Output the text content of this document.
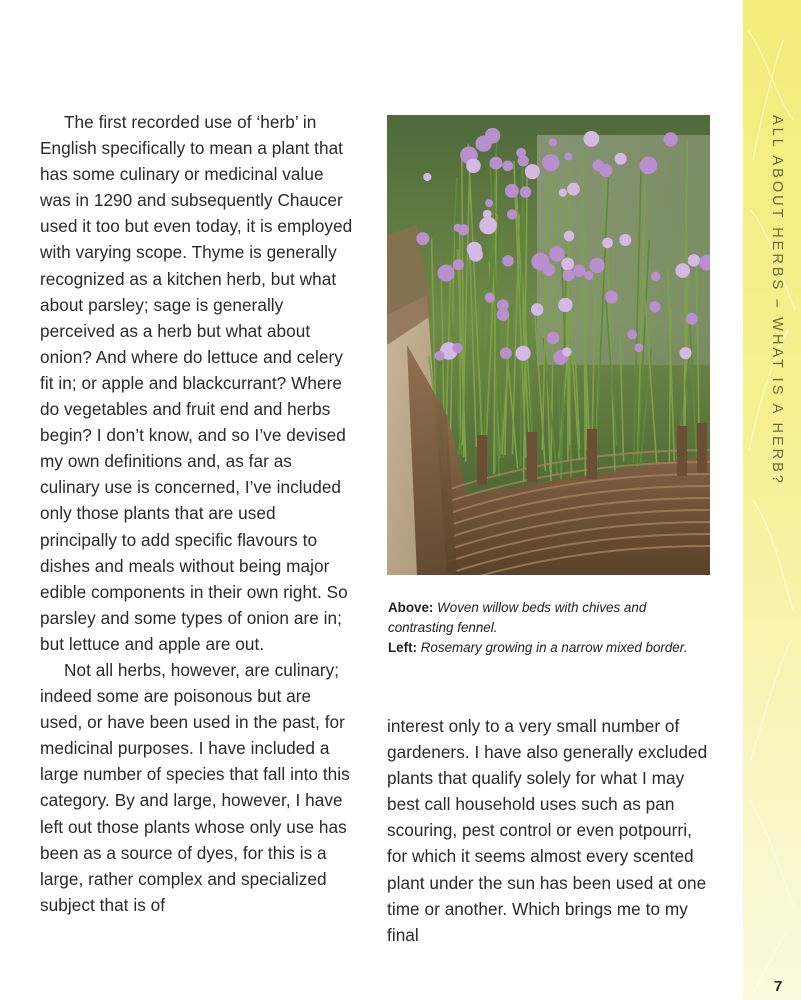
The first recorded use of ‘herb’ in English specifically to mean a plant that has some culinary or medicinal value was in 1290 and subsequently Chaucer used it too but even today, it is employed with varying scope. Thyme is generally recognized as a kitchen herb, but what about parsley; sage is generally perceived as a herb but what about onion? And where do lettuce and celery fit in; or apple and blackcurrant? Where do vegetables and fruit end and herbs begin? I don’t know, and so I’ve devised my own definitions and, as far as culinary use is concerned, I’ve included only those plants that are used principally to add specific flavours to dishes and meals without being major edible components in their own right. So parsley and some types of onion are in; but lettuce and apple are out.

Not all herbs, however, are culinary; indeed some are poisonous but are used, or have been used in the past, for medicinal purposes. I have included a large number of species that fall into this category. By and large, however, I have left out those plants whose only use has been as a source of dyes, for this is a large, rather complex and specialized subject that is of

Above: Woven willow beds with chives and contrasting fennel.
Left: Rosemary growing in a narrow mixed border.

interest only to a very small number of gardeners. I have also generally excluded plants that qualify solely for what I may best call household uses such as pan scouring, pest control or even potpourri, for which it seems almost every scented plant under the sun has been used at one time or another. Which brings me to my final

ALL ABOUT HERBS – WHAT IS A HERB?
7
